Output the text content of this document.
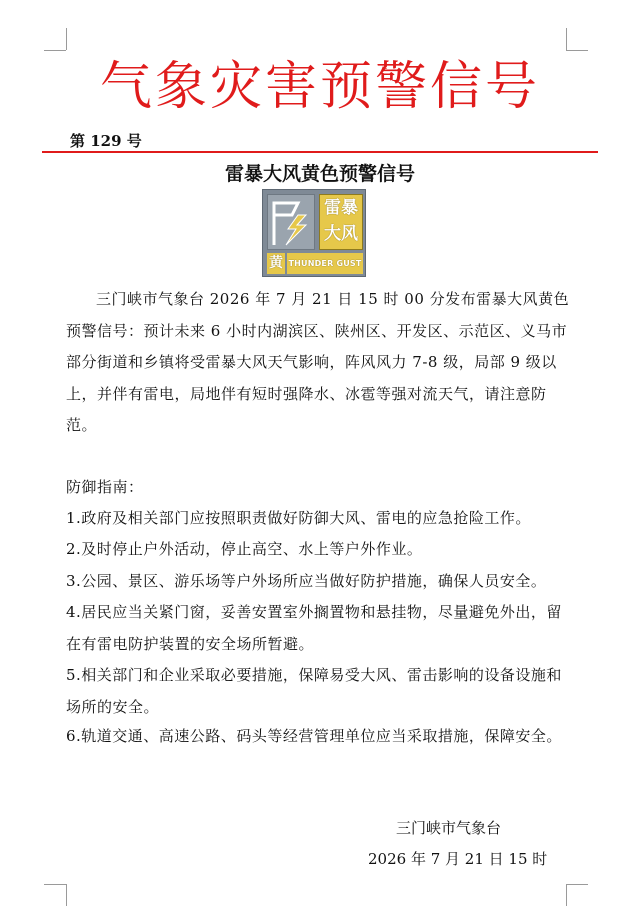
气象灾害预警信号
第 129 号
雷暴大风黄色预警信号
雷暴
大风
黄 THUNDER GUST
三门峡市气象台 2026 年 7 月 21 日 15 时 00 分发布雷暴大风黄色预警信号：预计未来 6 小时内湖滨区、陕州区、开发区、示范区、义马市部分街道和乡镇将受雷暴大风天气影响，阵风风力 7-8 级，局部 9 级以上，并伴有雷电，局地伴有短时强降水、冰雹等强对流天气，请注意防范。
防御指南：
1.政府及相关部门应按照职责做好防御大风、雷电的应急抢险工作。
2.及时停止户外活动，停止高空、水上等户外作业。
3.公园、景区、游乐场等户外场所应当做好防护措施，确保人员安全。
4.居民应当关紧门窗，妥善安置室外搁置物和悬挂物，尽量避免外出，留在有雷电防护装置的安全场所暂避。
5.相关部门和企业采取必要措施，保障易受大风、雷击影响的设备设施和场所的安全。
6.轨道交通、高速公路、码头等经营管理单位应当采取措施，保障安全。
三门峡市气象台
2026 年 7 月 21 日 15 时
